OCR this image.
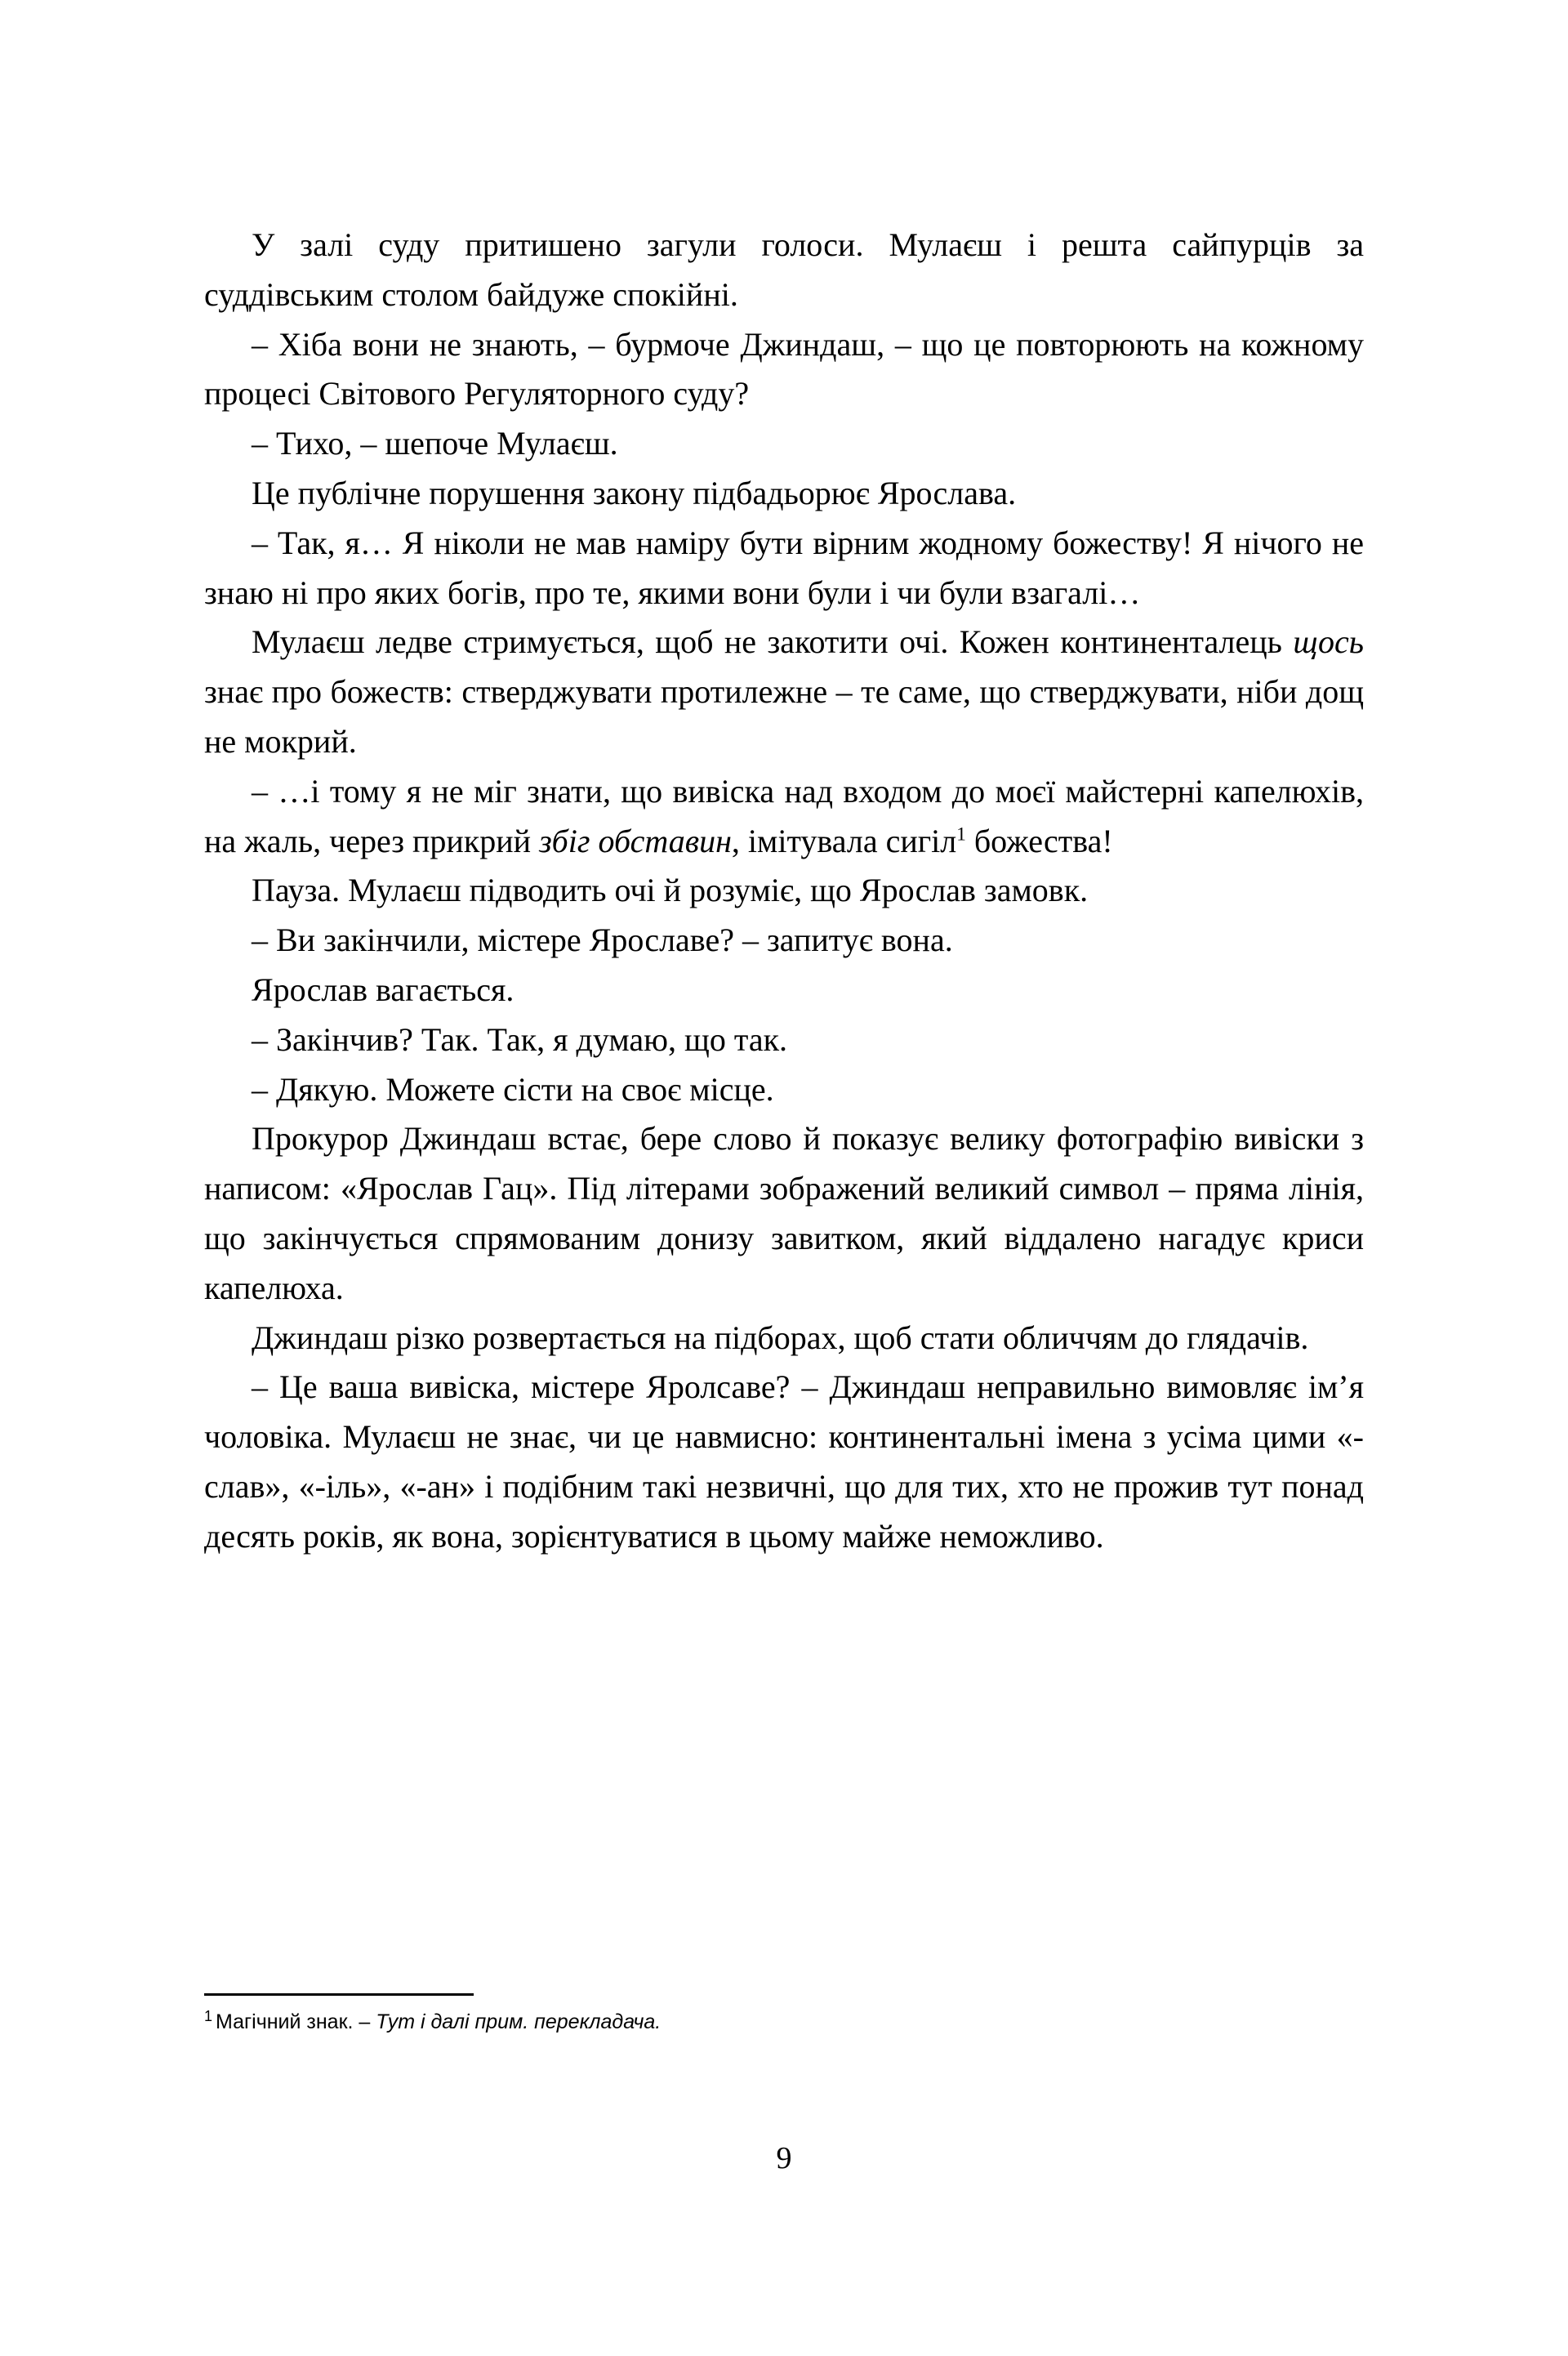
У залі суду притишено загули голоси. Мулаєш і решта сайпурців за суддівським столом байдуже спокійні.

– Хіба вони не знають, – бурмоче Джиндаш, – що це повторюють на кожному процесі Світового Регуляторного суду?

– Тихо, – шепоче Мулаєш.

Це публічне порушення закону підбадьорює Ярослава.

– Так, я… Я ніколи не мав наміру бути вірним жодному божеству! Я нічого не знаю ні про яких богів, про те, якими вони були і чи були взагалі…

Мулаєш ледве стримується, щоб не закотити очі. Кожен континенталець щось знає про божеств: стверджувати протилежне – те саме, що стверджувати, ніби дощ не мокрий.

– …і тому я не міг знати, що вивіска над входом до моєї майстерні капелюхів, на жаль, через прикрий збіг обставин, імітувала сигіл$^1$ божества!

Пауза. Мулаєш підводить очі й розуміє, що Ярослав замовк.

– Ви закінчили, містере Ярославе? – запитує вона.

Ярослав вагається.

– Закінчив? Так. Так, я думаю, що так.

– Дякую. Можете сісти на своє місце.

Прокурор Джиндаш встає, бере слово й показує велику фотографію вивіски з написом: «Ярослав Гац». Під літерами зображений великий символ – пряма лінія, що закінчується спрямованим донизу завитком, який віддалено нагадує криси капелюха.

Джиндаш різко розвертається на підборах, щоб стати обличчям до глядачів.

– Це ваша вивіска, містере Яролсаве? – Джиндаш неправильно вимовляє ім’я чоловіка. Мулаєш не знає, чи це навмисно: континентальні імена з усіма цими «-слав», «-іль», «-ан» і подібним такі незвичні, що для тих, хто не прожив тут понад десять років, як вона, зорієнтуватися в цьому майже неможливо.

$^1$ Магічний знак. – Тут і далі прим. перекладача.
9
